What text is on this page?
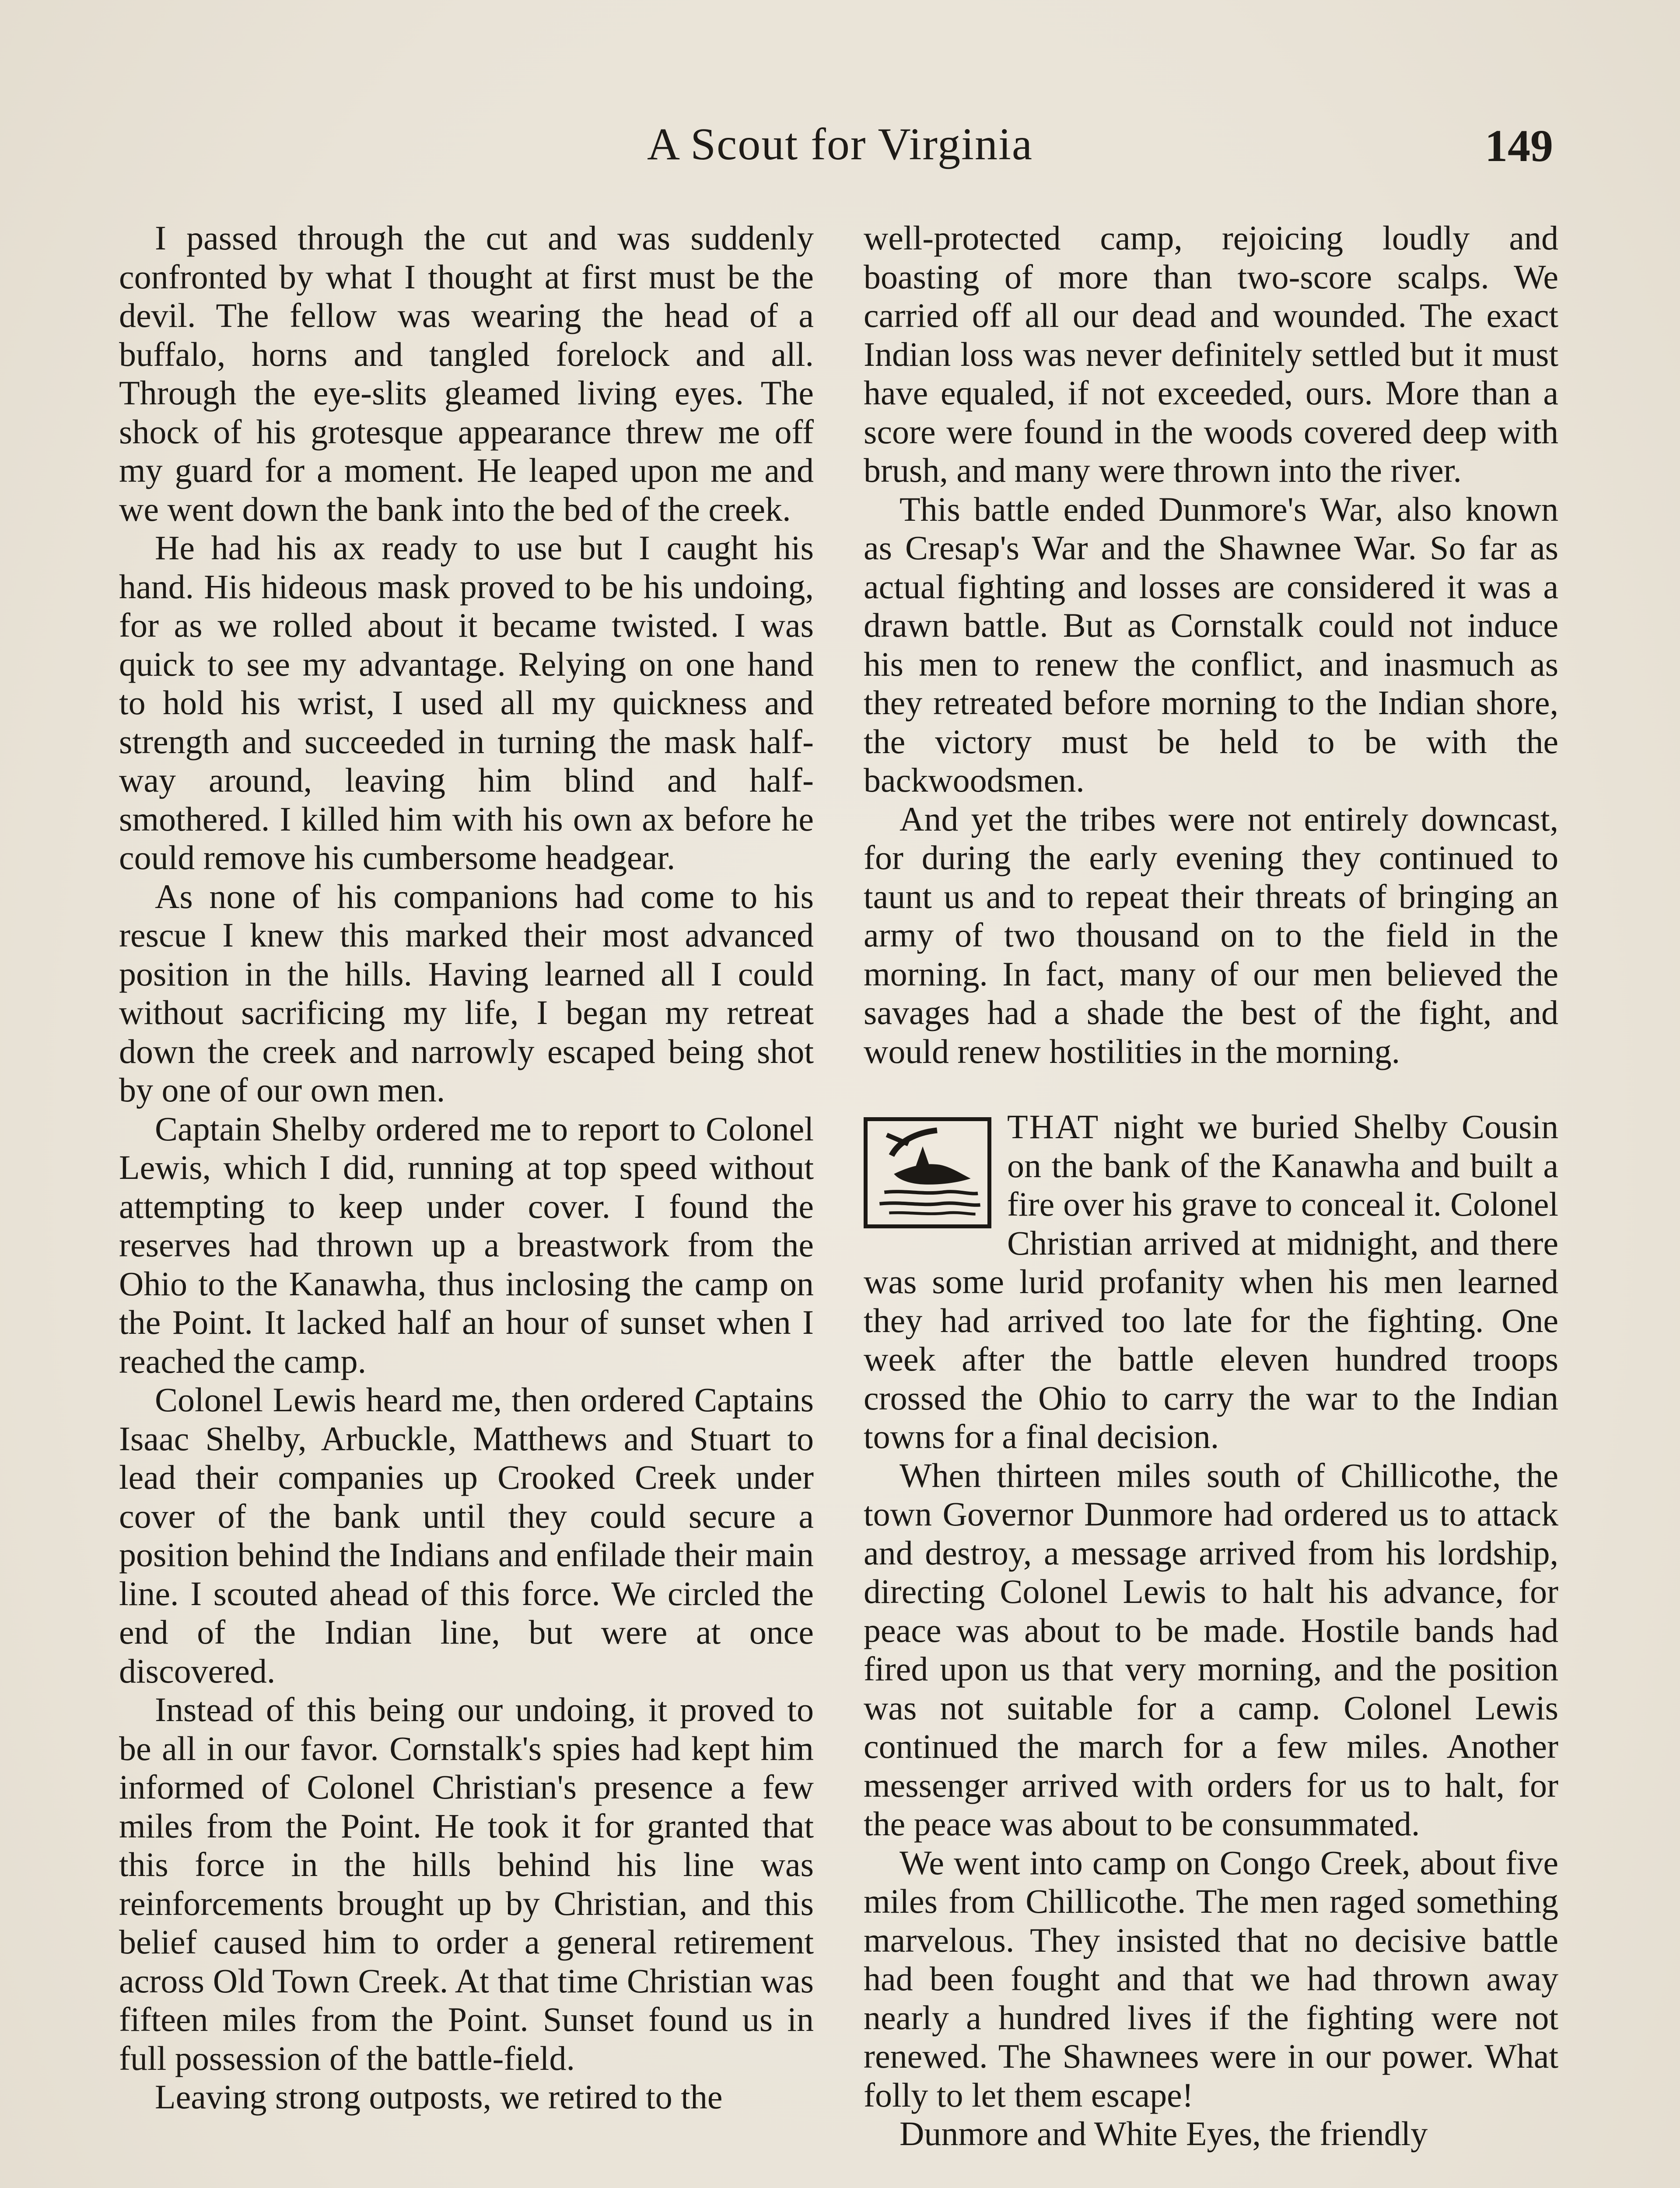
A Scout for Virginia	149

I passed through the cut and was suddenly confronted by what I thought at first must be the devil. The fellow was wearing the head of a buffalo, horns and tangled forelock and all. Through the eye-slits gleamed living eyes. The shock of his grotesque appearance threw me off my guard for a moment. He leaped upon me and we went down the bank into the bed of the creek.

He had his ax ready to use but I caught his hand. His hideous mask proved to be his undoing, for as we rolled about it became twisted. I was quick to see my advantage. Relying on one hand to hold his wrist, I used all my quickness and strength and succeeded in turning the mask half-way around, leaving him blind and half-smothered. I killed him with his own ax before he could remove his cumbersome headgear.

As none of his companions had come to his rescue I knew this marked their most advanced position in the hills. Having learned all I could without sacrificing my life, I began my retreat down the creek and narrowly escaped being shot by one of our own men.

Captain Shelby ordered me to report to Colonel Lewis, which I did, running at top speed without attempting to keep under cover. I found the reserves had thrown up a breastwork from the Ohio to the Kanawha, thus inclosing the camp on the Point. It lacked half an hour of sunset when I reached the camp.

Colonel Lewis heard me, then ordered Captains Isaac Shelby, Arbuckle, Matthews and Stuart to lead their companies up Crooked Creek under cover of the bank until they could secure a position behind the Indians and enfilade their main line. I scouted ahead of this force. We circled the end of the Indian line, but were at once discovered.

Instead of this being our undoing, it proved to be all in our favor. Cornstalk's spies had kept him informed of Colonel Christian's presence a few miles from the Point. He took it for granted that this force in the hills behind his line was reinforcements brought up by Christian, and this belief caused him to order a general retirement across Old Town Creek. At that time Christian was fifteen miles from the Point. Sunset found us in full possession of the battle-field.

Leaving strong outposts, we retired to the

well-protected camp, rejoicing loudly and boasting of more than two-score scalps. We carried off all our dead and wounded. The exact Indian loss was never definitely settled but it must have equaled, if not exceeded, ours. More than a score were found in the woods covered deep with brush, and many were thrown into the river.

This battle ended Dunmore's War, also known as Cresap's War and the Shawnee War. So far as actual fighting and losses are considered it was a drawn battle. But as Cornstalk could not induce his men to renew the conflict, and inasmuch as they retreated before morning to the Indian shore, the victory must be held to be with the backwoodsmen.

And yet the tribes were not entirely downcast, for during the early evening they continued to taunt us and to repeat their threats of bringing an army of two thousand on to the field in the morning. In fact, many of our men believed the savages had a shade the best of the fight, and would renew hostilities in the morning.

THAT night we buried Shelby Cousin on the bank of the Kanawha and built a fire over his grave to conceal it. Colonel Christian arrived at midnight, and there was some lurid profanity when his men learned they had arrived too late for the fighting. One week after the battle eleven hundred troops crossed the Ohio to carry the war to the Indian towns for a final decision.

When thirteen miles south of Chillicothe, the town Governor Dunmore had ordered us to attack and destroy, a message arrived from his lordship, directing Colonel Lewis to halt his advance, for peace was about to be made. Hostile bands had fired upon us that very morning, and the position was not suitable for a camp. Colonel Lewis continued the march for a few miles. Another messenger arrived with orders for us to halt, for the peace was about to be consummated.

We went into camp on Congo Creek, about five miles from Chillicothe. The men raged something marvelous. They insisted that no decisive battle had been fought and that we had thrown away nearly a hundred lives if the fighting were not renewed. The Shawnees were in our power. What folly to let them escape!

Dunmore and White Eyes, the friendly
